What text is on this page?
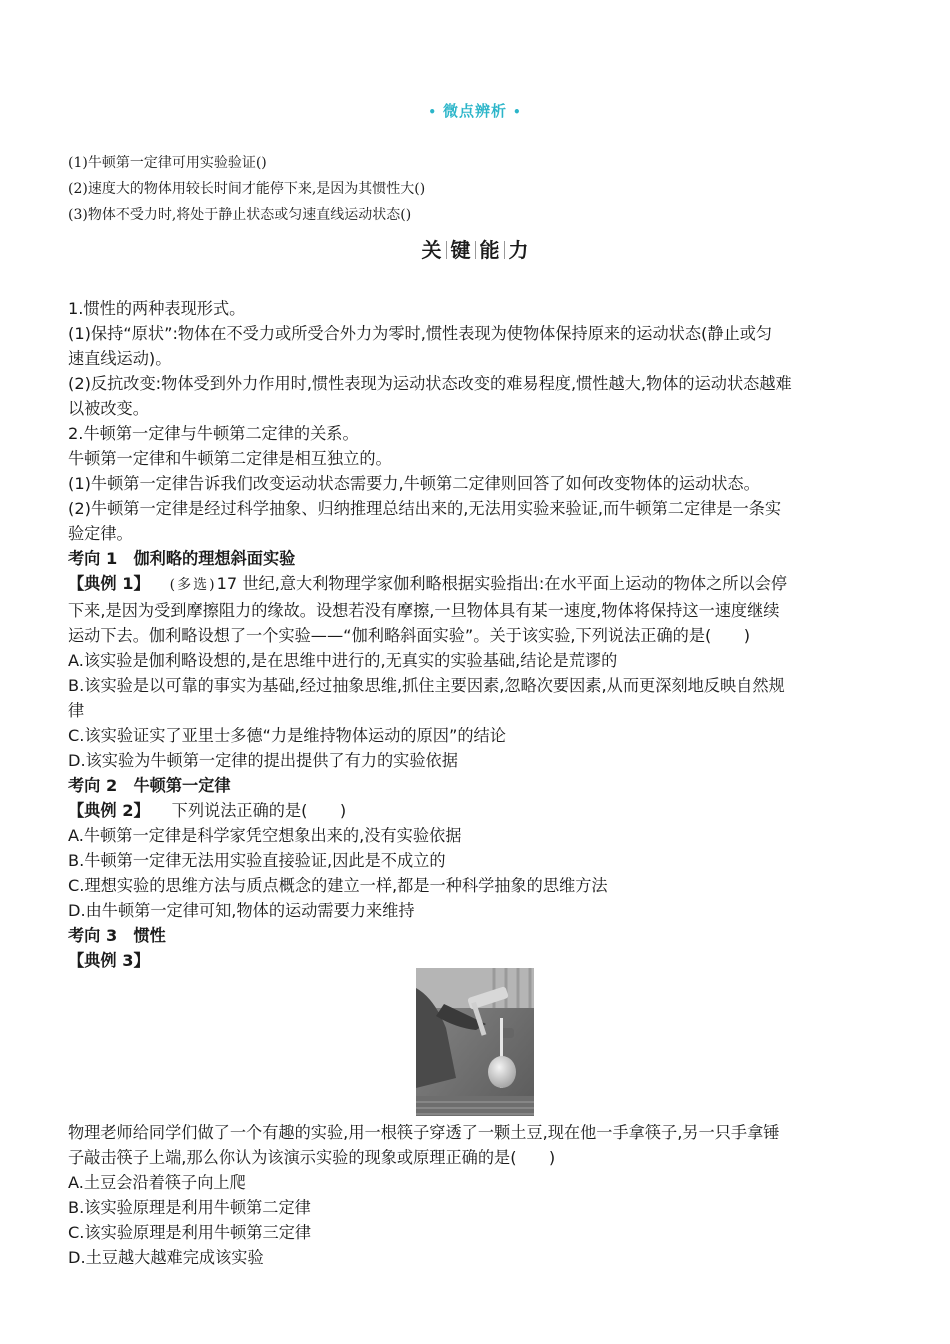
• 微点辨析 •
(1)牛顿第一定律可用实验验证()
(2)速度大的物体用较长时间才能停下来,是因为其惯性大()
(3)物体不受力时,将处于静止状态或匀速直线运动状态()
关 键 能 力

1.惯性的两种表现形式。

(1)保持“原状”:物体在不受力或所受合外力为零时,惯性表现为使物体保持原来的运动状态(静止或匀

速直线运动)。

(2)反抗改变:物体受到外力作用时,惯性表现为运动状态改变的难易程度,惯性越大,物体的运动状态越难

以被改变。

2.牛顿第一定律与牛顿第二定律的关系。

牛顿第一定律和牛顿第二定律是相互独立的。

(1)牛顿第一定律告诉我们改变运动状态需要力,牛顿第二定律则回答了如何改变物体的运动状态。

(2)牛顿第一定律是经过科学抽象、归纳推理总结出来的,无法用实验来验证,而牛顿第二定律是一条实

验定律。

考向 1　伽利略的理想斜面实验

【典例 1】 (多选)17 世纪,意大利物理学家伽利略根据实验指出:在水平面上运动的物体之所以会停

下来,是因为受到摩擦阻力的缘故。设想若没有摩擦,一旦物体具有某一速度,物体将保持这一速度继续

运动下去。伽利略设想了一个实验——“伽利略斜面实验”。关于该实验,下列说法正确的是(　　)

A.该实验是伽利略设想的,是在思维中进行的,无真实的实验基础,结论是荒谬的

B.该实验是以可靠的事实为基础,经过抽象思维,抓住主要因素,忽略次要因素,从而更深刻地反映自然规

律

C.该实验证实了亚里士多德“力是维持物体运动的原因”的结论

D.该实验为牛顿第一定律的提出提供了有力的实验依据

考向 2　牛顿第一定律

【典例 2】 下列说法正确的是(　　)

A.牛顿第一定律是科学家凭空想象出来的,没有实验依据

B.牛顿第一定律无法用实验直接验证,因此是不成立的

C.理想实验的思维方法与质点概念的建立一样,都是一种科学抽象的思维方法

D.由牛顿第一定律可知,物体的运动需要力来维持

考向 3　惯性

【典例 3】

物理老师给同学们做了一个有趣的实验,用一根筷子穿透了一颗土豆,现在他一手拿筷子,另一只手拿锤

子敲击筷子上端,那么你认为该演示实验的现象或原理正确的是(　　)

A.土豆会沿着筷子向上爬

B.该实验原理是利用牛顿第二定律

C.该实验原理是利用牛顿第三定律

D.土豆越大越难完成该实验
